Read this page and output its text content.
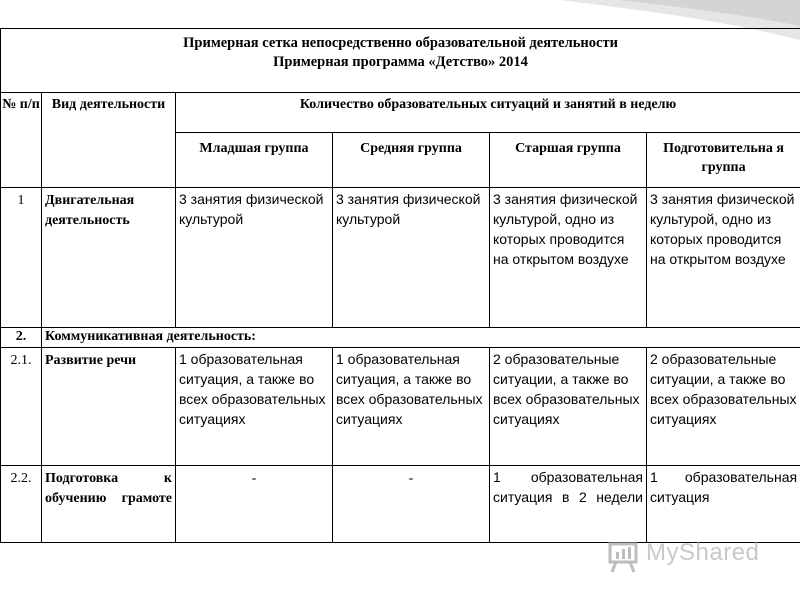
Примерная сетка непосредственно образовательной деятельности
Примерная программа «Детство» 2014					

№ п/п	Вид деятельности	Количество образовательных ситуаций и занятий в неделю			
		Младшая группа	Средняя группа	Старшая группа	Подготовительна я группа
1	Двигательная деятельность	3 занятия физической культурой	3 занятия физической культурой	3 занятия физической культурой, одно из которых проводится на открытом воздухе	3 занятия физической культурой, одно из которых проводится на открытом воздухе
2.	Коммуникативная деятельность:				
2.1.	Развитие речи	1 образовательная ситуация, а также во всех образовательных ситуациях	1 образовательная ситуация, а также во всех образовательных ситуациях	2 образовательные ситуации, а также во всех образовательных ситуациях	2 образовательные ситуации, а также во всех образовательных ситуациях
2.2.	Подготовка к обучению грамоте	-	-	1 образовательная ситуация в 2 недели	1 образовательная ситуация
MyShared
